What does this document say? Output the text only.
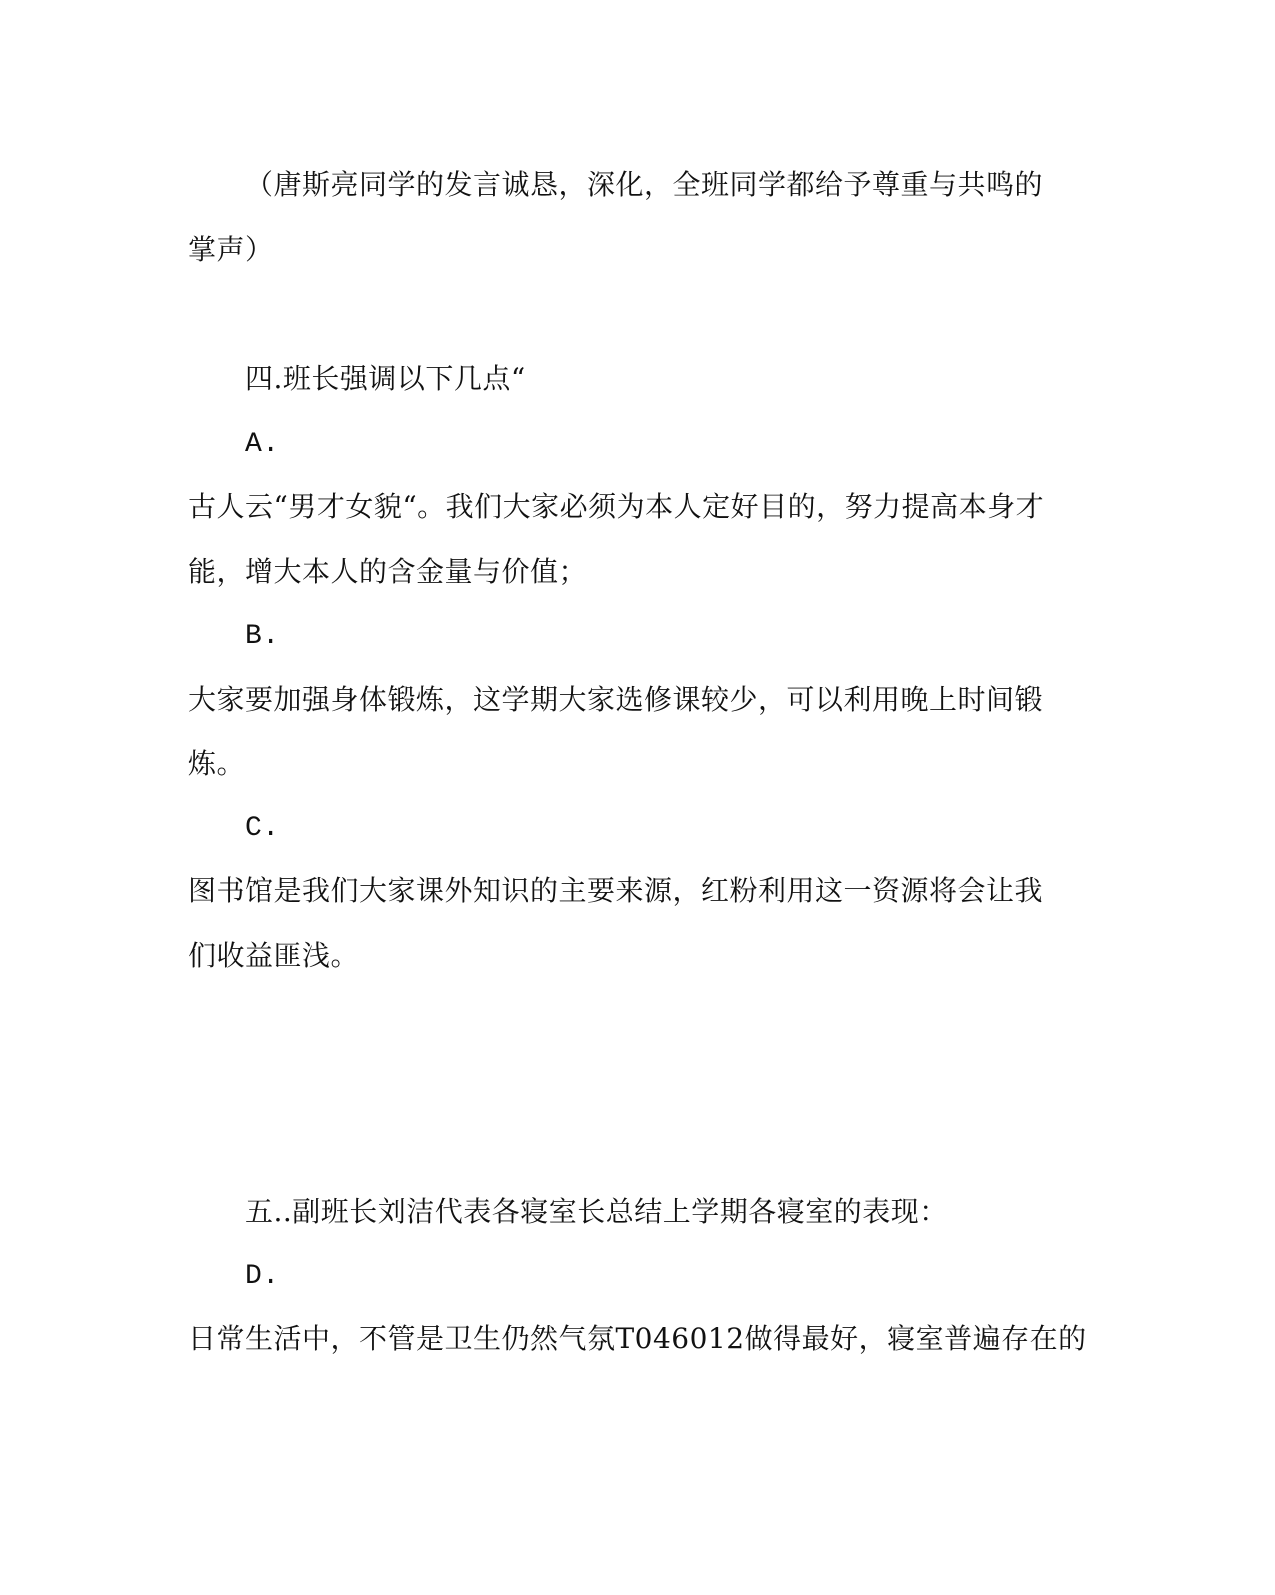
（唐斯亮同学的发言诚恳，深化，全班同学都给予尊重与共鸣的
掌声）
四.班长强调以下几点“
A.
古人云“男才女貌“。我们大家必须为本人定好目的，努力提高本身才
能，增大本人的含金量与价值；
B.
大家要加强身体锻炼，这学期大家选修课较少，可以利用晚上时间锻
炼。
C.
图书馆是我们大家课外知识的主要来源，红粉利用这一资源将会让我
们收益匪浅。
五..副班长刘洁代表各寝室长总结上学期各寝室的表现：
D.
日常生活中，不管是卫生仍然气氛T046012做得最好，寝室普遍存在的
